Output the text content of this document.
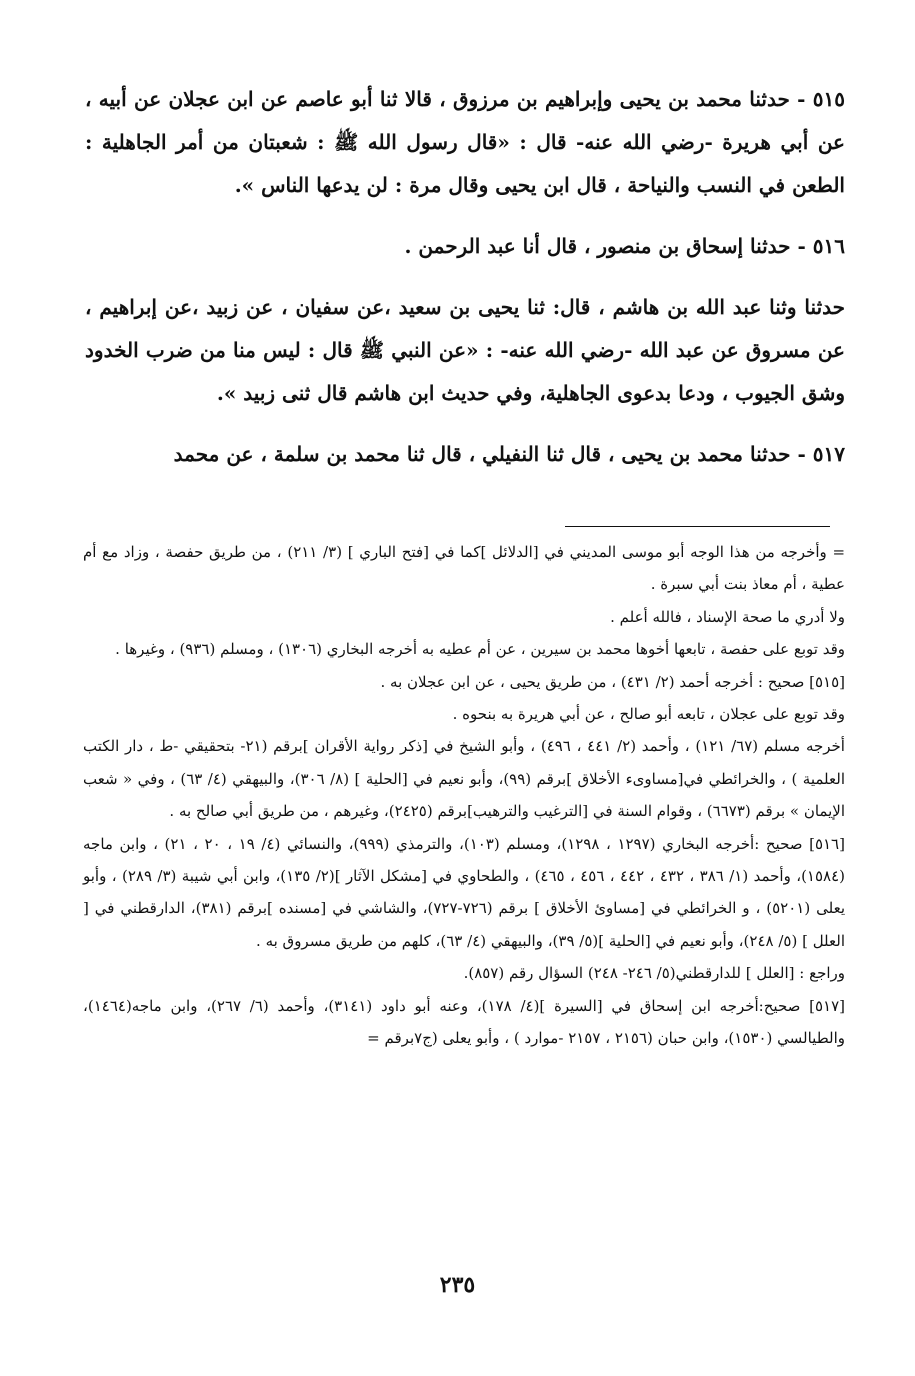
٥١٥ - حدثنا محمد بن يحيى وإبراهيم بن مرزوق ، قالا ثنا أبو عاصم عن ابن عجلان عن أبيه ، عن أبي هريرة -رضي الله عنه- قال : «قال رسول الله ﷺ : شعبتان من أمر الجاهلية : الطعن في النسب والنياحة ، قال ابن يحيى وقال مرة : لن يدعها الناس ».

٥١٦ - حدثنا إسحاق بن منصور ، قال أنا عبد الرحمن .

حدثنا وثنا عبد الله بن هاشم ، قال: ثنا يحيى بن سعيد ،عن سفيان ، عن زبيد ،عن إبراهيم ، عن مسروق عن عبد الله -رضي الله عنه- : «عن النبي ﷺ قال : ليس منا من ضرب الخدود وشق الجيوب ، ودعا بدعوى الجاهلية، وفي حديث ابن هاشم قال ثنى زبيد ».

٥١٧ - حدثنا محمد بن يحيى ، قال ثنا النفيلي ، قال ثنا محمد بن سلمة ، عن محمد

= وأخرجه من هذا الوجه أبو موسى المديني في [الدلائل ]كما في [فتح الباري ] (٣/ ٢١١) ، من طريق حفصة ، وزاد مع أم عطية ، أم معاذ بنت أبي سبرة .

ولا أدري ما صحة الإسناد ، فالله أعلم .

وقد توبع على حفصة ، تابعها أخوها محمد بن سيرين ، عن أم عطيه به أخرجه البخاري (١٣٠٦) ، ومسلم (٩٣٦) ، وغيرها .

[٥١٥] صحيح : أخرجه أحمد (٢/ ٤٣١) ، من طريق يحيى ، عن ابن عجلان به .

وقد توبع على عجلان ، تابعه أبو صالح ، عن أبي هريرة به بنحوه .

أخرجه مسلم (٦٧/ ١٢١) ، وأحمد (٢/ ٤٤١ ، ٤٩٦) ، وأبو الشيخ في [ذكر رواية الأقران ]برقم (٢١- بتحقيقي -ط ، دار الكتب العلمية ) ، والخرائطي في[مساوىء الأخلاق ]برقم (٩٩)، وأبو نعيم في [الحلية ] (٨/ ٣٠٦)، والبيهقي (٤/ ٦٣) ، وفي « شعب الإيمان » برقم (٦٦٧٣) ، وقوام السنة في [الترغيب والترهيب]برقم (٢٤٢٥)، وغيرهم ، من طريق أبي صالح به .

[٥١٦] صحيح :أخرجه البخاري (١٢٩٧ ، ١٢٩٨)، ومسلم (١٠٣)، والترمذي (٩٩٩)، والنسائي (٤/ ١٩ ، ٢٠ ، ٢١) ، وابن ماجه (١٥٨٤)، وأحمد (١/ ٣٨٦ ، ٤٣٢ ، ٤٤٢ ، ٤٥٦ ، ٤٦٥) ، والطحاوي في [مشكل الآثار ](٢/ ١٣٥)، وابن أبي شيبة (٣/ ٢٨٩) ، وأبو يعلى (٥٢٠١) ، و الخرائطي في [مساوئ الأخلاق ] برقم (٧٢٦-٧٢٧)، والشاشي في [مسنده ]برقم (٣٨١)، الدارقطني في [ العلل ] (٥/ ٢٤٨)، وأبو نعيم في [الحلية ](٥/ ٣٩)، والبيهقي (٤/ ٦٣)، كلهم من طريق مسروق به .

وراجع : [العلل ] للدارقطني(٥/ ٢٤٦- ٢٤٨) السؤال رقم (٨٥٧).

[٥١٧] صحيح:أخرجه ابن إسحاق في [السيرة ](٤/ ١٧٨)، وعنه أبو داود (٣١٤١)، وأحمد (٦/ ٢٦٧)، وابن ماجه(١٤٦٤)، والطيالسي (١٥٣٠)، وابن حبان (٢١٥٦ ، ٢١٥٧ -موارد ) ، وأبو يعلى (ج٧برقم =

٢٣٥
